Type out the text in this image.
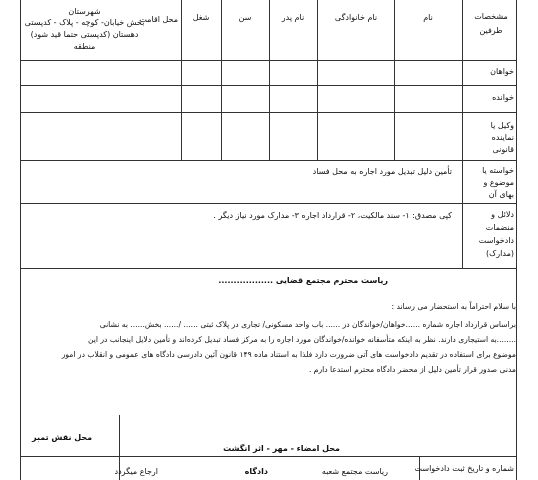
مشخصات طرفین
نام
نام خانوادگی
نام پدر
سن
شغل
شهرستان
محل اقامت
بخش خیابان- کوچه - پلاک - کدپستی
دهستان (کدپستی حتما قید شود)
منطقه
خواهان
خوانده
وکیل یا
نماینده
قانونی
خواسته یا
موضوع و
بهای آن
تأمین دلیل تبدیل مورد اجاره به محل فساد
دلائل و
منضمات
دادخواست
(مدارک)
کپی مصدق: ۱- سند مالکیت، ۲- قرارداد اجاره ۳- مدارک مورد نیاز دیگر .
ریاست محترم مجتمع قضایی ..................
با سلام احتراماً به استحضار می رساند :
براساس قرارداد اجاره شماره ......خواهان/خواندگان در ...... باب واحد مسکونی/ تجاری در پلاک ثبتی ...... /...... بخش...... به نشانی
........به استیجاری دارند. نظر به اینکه متأسفانه خوانده/خواندگان مورد اجاره را به مرکز فساد تبدیل کرده‌اند و تأمین دلایل اینجانب در این
موضوع برای استفاده در تقدیم دادخواست های آتی ضرورت دارد فلذا به استناد ماده ۱۴۹ قانون آئین دادرسی دادگاه های عمومی و انقلاب در امور
مدنی صدور قرار تأمین دلیل از محضر دادگاه محترم استدعا دارم .
محل امضاء - مهر - اثر انگشت
محل نقش تمبر
شماره و تاریخ ثبت دادخواست
ریاست مجتمع شعبه
دادگاه
ارجاع میگردد
